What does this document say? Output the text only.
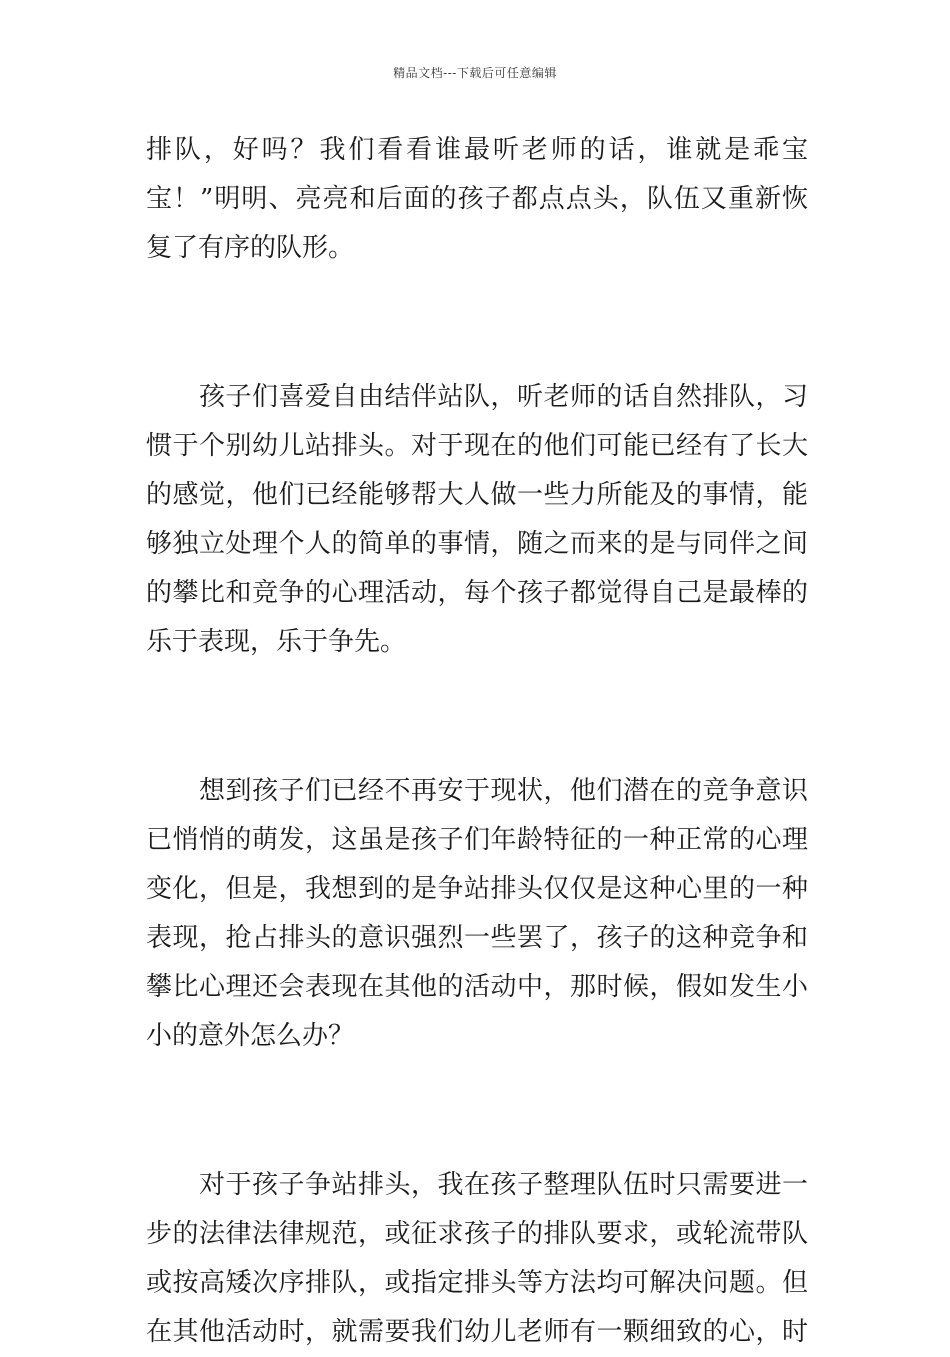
精品文档---下载后可任意编辑
排队，好吗？我们看看谁最听老师的话，谁就是乖宝
宝！”明明、亮亮和后面的孩子都点点头，队伍又重新恢
复了有序的队形。
　　孩子们喜爱自由结伴站队，听老师的话自然排队，习
惯于个别幼儿站排头。对于现在的他们可能已经有了长大
的感觉，他们已经能够帮大人做一些力所能及的事情，能
够独立处理个人的简单的事情，随之而来的是与同伴之间
的攀比和竞争的心理活动，每个孩子都觉得自己是最棒的
乐于表现，乐于争先。
　　想到孩子们已经不再安于现状，他们潜在的竞争意识
已悄悄的萌发，这虽是孩子们年龄特征的一种正常的心理
变化，但是，我想到的是争站排头仅仅是这种心里的一种
表现，抢占排头的意识强烈一些罢了，孩子的这种竞争和
攀比心理还会表现在其他的活动中，那时候，假如发生小
小的意外怎么办？
　　对于孩子争站排头，我在孩子整理队伍时只需要进一
步的法律法律规范，或征求孩子的排队要求，或轮流带队
或按高矮次序排队，或指定排头等方法均可解决问题。但
在其他活动时，就需要我们幼儿老师有一颗细致的心，时
